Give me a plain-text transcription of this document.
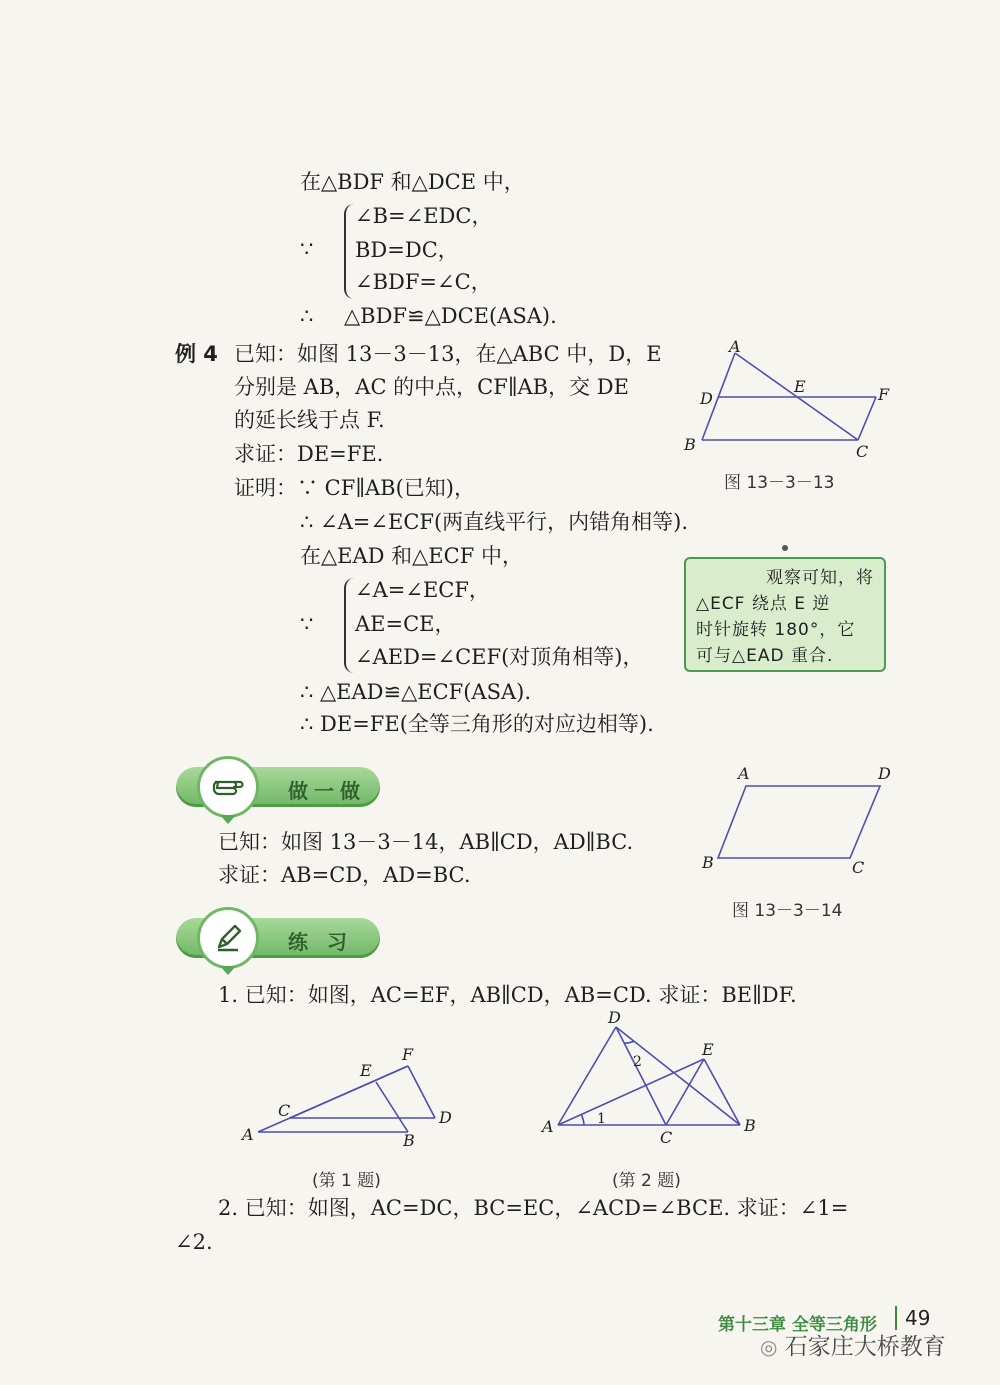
在△BDF 和△DCE 中，
∵
∠B=∠EDC，
BD=DC，
∠BDF=∠C，
∴ △BDF≌△DCE(ASA).
例 4 已知：如图 13－3－13，在△ABC 中，D，E
分别是 AB，AC 的中点，CF∥AB，交 DE
的延长线于点 F.
求证：DE=FE.
证明：∵ CF∥AB(已知)，
∴ ∠A=∠ECF(两直线平行，内错角相等).
在△EAD 和△ECF 中，
∵
∠A=∠ECF，
AE=CE，
∠AED=∠CEF(对顶角相等)，
∴ △EAD≌△ECF(ASA).
∴ DE=FE(全等三角形的对应边相等).
A
B	C
D
E	F
图 13－3－13
观察可知，将
△ECF 绕点 E 逆
时针旋转 180°，它
可与△EAD 重合.
做一做
已知：如图 13－3－14，AB∥CD，AD∥BC.
求证：AB=CD，AD=BC.
A	D
B	C
图 13－3－14
练 习
1. 已知：如图，AC=EF，AB∥CD，AB=CD. 求证：BE∥DF.
A	B
C	D
E
F
(第 1 题)
D
E
A	B
C
1
2
(第 2 题)
2. 已知：如图，AC=DC，BC=EC，∠ACD=∠BCE. 求证：∠1=
∠2.
第十三章 全等三角形 49
◎ 石家庄大桥教育
